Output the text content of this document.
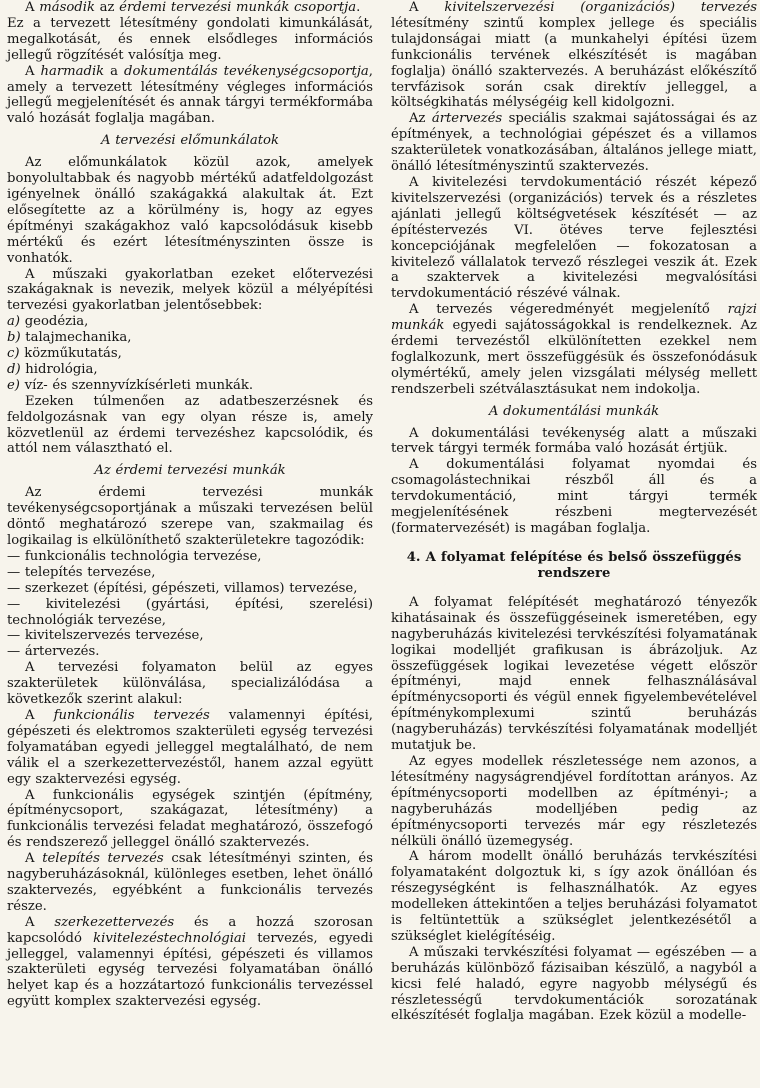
A második az érdemi tervezési munkák csoportja.

Ez a tervezett létesítmény gondolati kimunkálását, megalkotását, és ennek elsődleges információs jellegű rögzítését valósítja meg.

A harmadik a dokumentálás tevékenységcsoportja, amely a tervezett létesítmény végleges információs jellegű megjelenítését és annak tárgyi termékformába való hozását foglalja magában.

A tervezési előmunkálatok

Az előmunkálatok közül azok, amelyek bonyolultabbak és nagyobb mértékű adatfeldolgozást igényelnek önálló szakágakká alakultak át. Ezt elősegítette az a körülmény is, hogy az egyes építményi szakágakhoz való kapcsolódásuk kisebb mértékű és ezért létesítményszinten össze is vonhatók.

A műszaki gyakorlatban ezeket előtervezési szakágaknak is nevezik, melyek közül a mélyépítési tervezési gyakorlatban jelentősebbek:

a) geodézia,

b) talajmechanika,

c) közműkutatás,

d) hidrológia,

e) víz- és szennyvízkísérleti munkák.

Ezeken túlmenően az adatbeszerzésnek és feldolgozásnak van egy olyan része is, amely közvetlenül az érdemi tervezéshez kapcsolódik, és attól nem választható el.

Az érdemi tervezési munkák

Az érdemi tervezési munkák tevékenységcsoportjának a műszaki tervezésen belül döntő meghatározó szerepe van, szakmailag és logikailag is elkülöníthető szakterületekre tagozódik:

— funkcionális technológia tervezése,

— telepítés tervezése,

— szerkezet (építési, gépészeti, villamos) tervezése,

— kivitelezési (gyártási, építési, szerelési) technológiák tervezése,

— kivitelszervezés tervezése,

— ártervezés.

A tervezési folyamaton belül az egyes szakterületek különválása, specializálódása a következők szerint alakul:

A funkcionális tervezés valamennyi építési, gépészeti és elektromos szakterületi egység tervezési folyamatában egyedi jelleggel megtalálható, de nem válik el a szerkezettervezéstől, hanem azzal együtt egy szaktervezési egység.

A funkcionális egységek szintjén (építmény, építménycsoport, szakágazat, létesítmény) a funkcionális tervezési feladat meghatározó, összefogó és rendszerező jelleggel önálló szaktervezés.

A telepítés tervezés csak létesítményi szinten, és nagyberuházásoknál, különleges esetben, lehet önálló szaktervezés, egyébként a funkcionális tervezés része.

A szerkezettervezés és a hozzá szorosan kapcsolódó kivitelezéstechnológiai tervezés, egyedi jelleggel, valamennyi építési, gépészeti és villamos szakterületi egység tervezési folyamatában önálló helyet kap és a hozzátartozó funkcionális tervezéssel együtt komplex szaktervezési egység.

A kivitelszervezési (organizációs) tervezés létesítmény szintű komplex jellege és speciális tulajdonságai miatt (a munkahelyi építési üzem funkcionális tervének elkészítését is magában foglalja) önálló szaktervezés. A beruházást előkészítő tervfázisok során csak direktív jelleggel, a költségkihatás mélységéig kell kidolgozni.

Az ártervezés speciális szakmai sajátosságai és az építmények, a technológiai gépészet és a villamos szakterületek vonatkozásában, általános jellege miatt, önálló létesítményszintű szaktervezés.

A kivitelezési tervdokumentáció részét képező kivitelszervezési (organizációs) tervek és a részletes ajánlati jellegű költségvetések készítését — az építéstervezés VI. ötéves terve fejlesztési koncepciójának megfelelően — fokozatosan a kivitelező vállalatok tervező részlegei veszik át. Ezek a szaktervek a kivitelezési megvalósítási tervdokumentáció részévé válnak.

A tervezés végeredményét megjelenítő rajzi munkák egyedi sajátosságokkal is rendelkeznek. Az érdemi tervezéstől elkülönítetten ezekkel nem foglalkozunk, mert összefüggésük és összefonódásuk olymértékű, amely jelen vizsgálati mélység mellett rendszerbeli szétválasztásukat nem indokolja.

A dokumentálási munkák

A dokumentálási tevékenység alatt a műszaki tervek tárgyi termék formába való hozását értjük.

A dokumentálási folyamat nyomdai és csomagolástechnikai részből áll és a tervdokumentáció, mint tárgyi termék megjelenítésének részbeni megtervezését (formatervezését) is magában foglalja.

4. A folyamat felépítése és belső összefüggés rendszere

A folyamat felépítését meghatározó tényezők kihatásainak és összefüggéseinek ismeretében, egy nagyberuházás kivitelezési tervkészítési folyamatának logikai modelljét grafikusan is ábrázoljuk. Az összefüggések logikai levezetése végett először építményi, majd ennek felhasználásával építménycsoporti és végül ennek figyelembevételével építménykomplexumi szintű beruházás (nagyberuházás) tervkészítési folyamatának modelljét mutatjuk be.

Az egyes modellek részletessége nem azonos, a létesítmény nagyságrendjével fordítottan arányos. Az építménycsoporti modellben az építményi-; a nagyberuházás modelljében pedig az építménycsoporti tervezés már egy részletezés nélküli önálló üzemegység.

A három modellt önálló beruházás tervkészítési folyamataként dolgoztuk ki, s így azok önállóan és részegységként is felhasználhatók. Az egyes modelleken áttekintően a teljes beruházási folyamatot is feltüntettük a szükséglet jelentkezésétől a szükséglet kielégítéséig.

A műszaki tervkészítési folyamat — egészében — a beruházás különböző fázisaiban készülő, a nagyból a kicsi felé haladó, egyre nagyobb mélységű és részletességű tervdokumentációk sorozatának elkészítését foglalja magában. Ezek közül a modelle-
